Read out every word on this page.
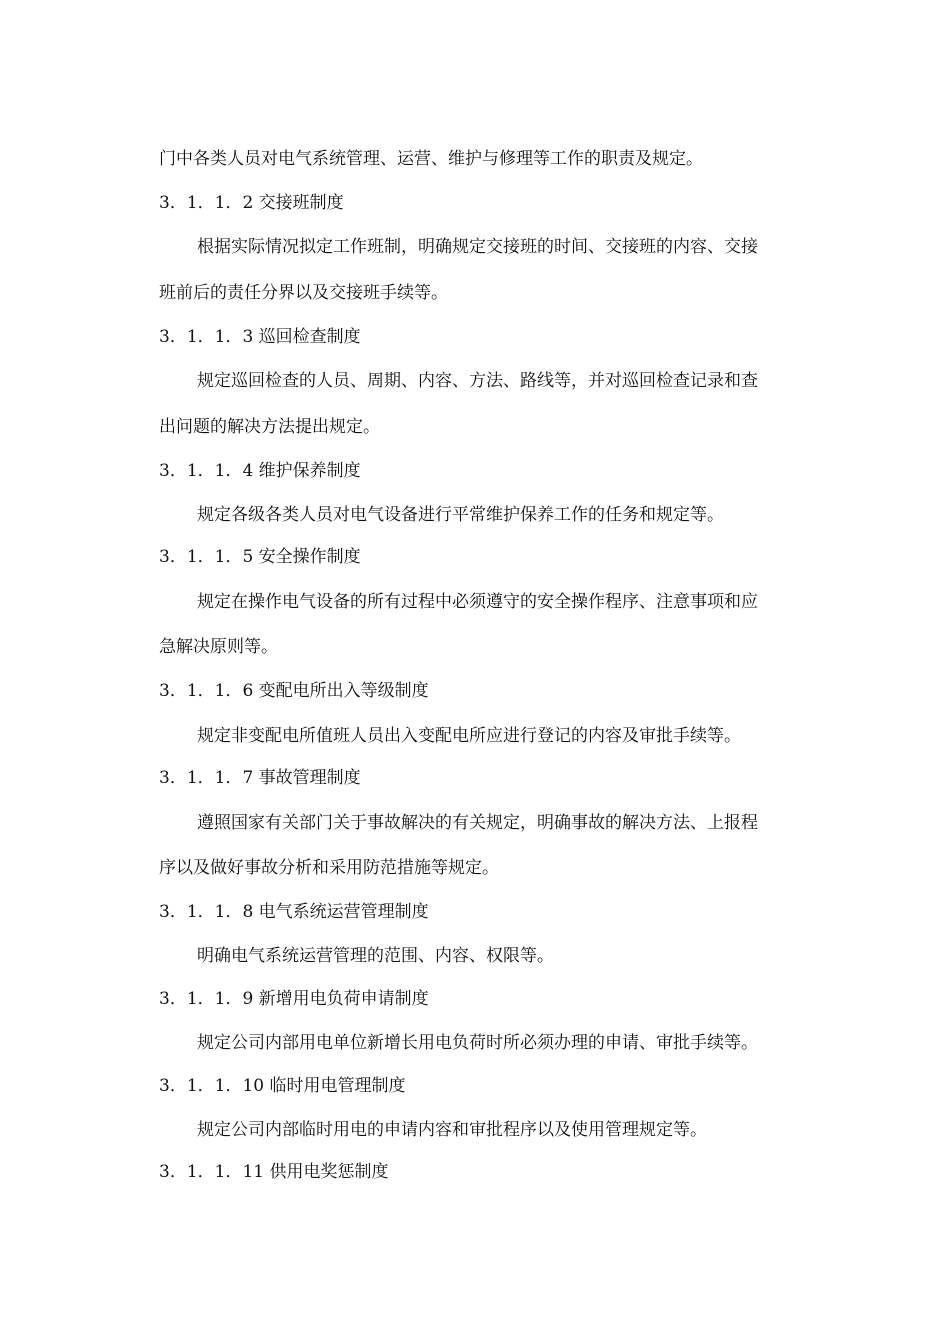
门中各类人员对电气系统管理、运营、维护与修理等工作的职责及规定。
3．1．1．2 交接班制度
根据实际情况拟定工作班制，明确规定交接班的时间、交接班的内容、交接
班前后的责任分界以及交接班手续等。
3．1．1．3 巡回检查制度
规定巡回检查的人员、周期、内容、方法、路线等，并对巡回检查记录和查
出问题的解决方法提出规定。
3．1．1．4 维护保养制度
规定各级各类人员对电气设备进行平常维护保养工作的任务和规定等。
3．1．1．5 安全操作制度
规定在操作电气设备的所有过程中必须遵守的安全操作程序、注意事项和应
急解决原则等。
3．1．1．6 变配电所出入等级制度
规定非变配电所值班人员出入变配电所应进行登记的内容及审批手续等。
3．1．1．7 事故管理制度
遵照国家有关部门关于事故解决的有关规定，明确事故的解决方法、上报程
序以及做好事故分析和采用防范措施等规定。
3．1．1．8 电气系统运营管理制度
明确电气系统运营管理的范围、内容、权限等。
3．1．1．9 新增用电负荷申请制度
规定公司内部用电单位新增长用电负荷时所必须办理的申请、审批手续等。
3．1．1．10 临时用电管理制度
规定公司内部临时用电的申请内容和审批程序以及使用管理规定等。
3．1．1．11 供用电奖惩制度
